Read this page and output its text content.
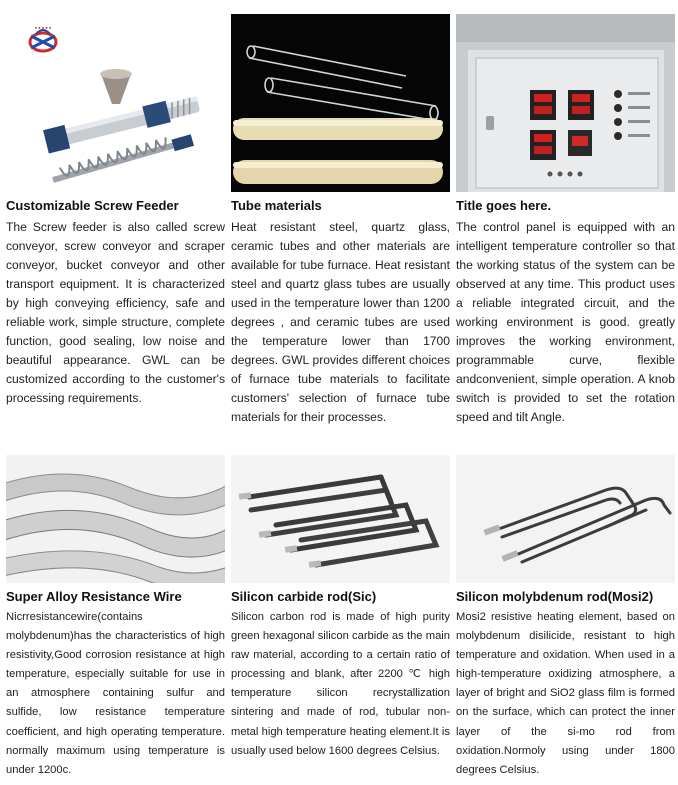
● ● ● ● ●
Customizable Screw Feeder
The Screw feeder is also called screw conveyor, screw conveyor and scraper conveyor, bucket conveyor and other transport equipment. It is characterized by high conveying efficiency, safe and reliable work, simple structure, complete function, good sealing, low noise and beautiful appearance. GWL can be customized according to the customer's processing requirements.
Tube materials
Heat resistant steel, quartz glass, ceramic tubes and other materials are available for tube furnace. Heat resistant steel and quartz glass tubes are usually used in the temperature lower than 1200 degrees , and ceramic tubes are used the temperature lower than 1700 degrees. GWL provides different choices of furnace tube materials to facilitate customers' selection of furnace tube materials for their processes.
Title goes here.
The control panel is equipped with an intelligent temperature controller so that the working status of the system can be observed at any time. This product uses a reliable integrated circuit, and the working environment is good. greatly improves the working environment, programmable curve, flexible andconvenient, simple operation. A knob switch is provided to set the rotation speed and tilt Angle.
Super Alloy Resistance Wire
Nicrresistancewire(contains molybdenum)has the characteristics of high resistivity,Good corrosion resistance at high temperature, especially suitable for use in an atmosphere containing sulfur and sulfide, low resistance temperature coefficient, and high operating temperature. normally maximum using temperature is under 1200c.
Silicon carbide rod(Sic)
Silicon carbon rod is made of high purity green hexagonal silicon carbide as the main raw material, according to a certain ratio of processing and blank, after 2200 ℃ high temperature silicon recrystallization sintering and made of rod, tubular non-metal high temperature heating element.It is usually used below 1600 degrees Celsius.
Silicon molybdenum rod(Mosi2)
Mosi2 resistive heating element, based on molybdenum disilicide, resistant to high temperature and oxidation. When used in a high-temperature oxidizing atmosphere, a layer of bright and SiO2 glass film is formed on the surface, which can protect the inner layer of the si-mo rod from oxidation.Normoly using under 1800 degrees Celsius.
